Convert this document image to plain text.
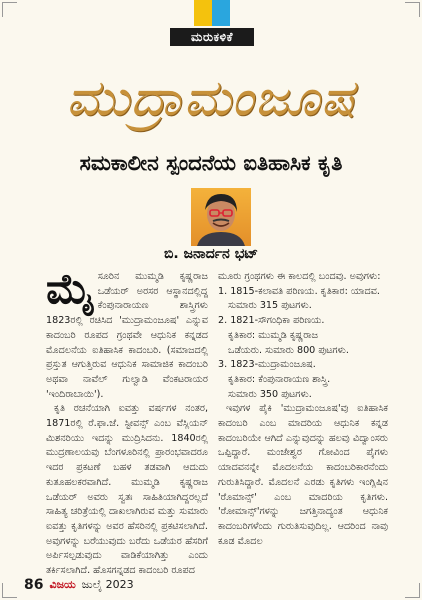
ಮರುಕಳಿಕೆ
ಮುದ್ರಾಮಂಜೂಷ
ಸಮಕಾಲೀನ ಸ್ಪಂದನೆಯ ಐತಿಹಾಸಿಕ ಕೃತಿ
ಬಿ. ಜನಾರ್ದನ ಭಟ್
ಮೈ ಸೂರಿನ ಮುಮ್ಮಡಿ ಕೃಷ್ಣರಾಜ ಒಡೆಯರ್ ಅರಸರ ಆಸ್ಥಾನದಲ್ಲಿದ್ದ ಕೆಂಪುನಾರಾಯಣ ಶಾಸ್ತ್ರಿಗಳು 1823ರಲ್ಲಿ ರಚಿಸಿದ 'ಮುದ್ರಾಮಂಜೂಷ' ಎನ್ನುವ ಕಾದಂಬರಿ ರೂಪದ ಗ್ರಂಥವೇ ಆಧುನಿಕ ಕನ್ನಡದ ಮೊದಲನೆಯ ಐತಿಹಾಸಿಕ ಕಾದಂಬರಿ. (ಸಮಾಜದಲ್ಲಿ ಪ್ರಸ್ತುತ ಆಗುತ್ತಿರುವ ಆಧುನಿಕ ಸಾಮಾಜಿಕ ಕಾದಂಬರಿ ಅಥವಾ ನಾವೆಲ್ ಗುಲ್ವಾಡಿ ವೆಂಕಟರಾಯರ 'ಇಂದಿರಾಬಾಯಿ').

ಕೃತಿ ರಚನೆಯಾಗಿ ಐವತ್ತು ವರ್ಷಗಳ ನಂತರ, 1871ರಲ್ಲಿ ರೆ.ಫಾ.ಜೆ. ಸ್ಟೀವನ್ಸ್ ಎಂಬ ವೆಸ್ಲಿಯನ್ ಮಿಶನರಿಯು ಇದನ್ನು ಮುದ್ರಿಸಿದನು. 1840ರಲ್ಲಿ ಮುದ್ರಣಾಲಯವು ಬೆಂಗಳೂರಿನಲ್ಲಿ ಪ್ರಾರಂಭವಾದರೂ ಇದರ ಪ್ರಕಟಣೆ ಬಹಳ ತಡವಾಗಿ ಆದುದು ಕುತೂಹಲಕರವಾಗಿದೆ. ಮುಮ್ಮಡಿ ಕೃಷ್ಣರಾಜ ಒಡೆಯರ್ ಅವರು ಸ್ವತಃ ಸಾಹಿತಿಯಾಗಿದ್ದರಲ್ಲದೆ ಸಾಹಿತ್ಯ ಚರಿತ್ರೆಯಲ್ಲಿ ದಾಖಲಾಗಿರುವ ಮತ್ತು ಸುಮಾರು ಐವತ್ತು ಕೃತಿಗಳನ್ನು ಅವರ ಹೆಸರಿನಲ್ಲಿ ಪ್ರಕಟಿಸಲಾಗಿದೆ. ಅವುಗಳನ್ನು ಬರೆಯುವುದು ಬರೆದು ಒಡೆಯರ ಹೆಸರಿಗೆ ಅರ್ಪಿಸಲ್ಪಡುವುದು ವಾಡಿಕೆಯಾಗಿತ್ತು ಎಂದು ತರ್ಕಿಸಲಾಗಿದೆ. ಹೊಸಗನ್ನಡದ ಕಾದಂಬರಿ ರೂಪದ

ಮೂರು ಗ್ರಂಥಗಳು ಈ ಕಾಲದಲ್ಲಿ ಬಂದವು. ಅವುಗಳು:

1. 1815-ಕಲಾವತಿ ಪರಿಣಯ. ಕೃತಿಕಾರ: ಯಾದವ.
ಸುಮಾರು 315 ಪುಟಗಳು.
2. 1821-ಸೌಗಂಧಿಕಾ ಪರಿಣಯ.
ಕೃತಿಕಾರ: ಮುಮ್ಮಡಿ ಕೃಷ್ಣರಾಜ
ಒಡೆಯರು. ಸುಮಾರು 800 ಪುಟಗಳು.
3. 1823-ಮುದ್ರಾಮಂಜೂಷ.
ಕೃತಿಕಾರ: ಕೆಂಪುನಾರಾಯಣ ಶಾಸ್ತ್ರಿ.
ಸುಮಾರು 350 ಪುಟಗಳು.

ಇವುಗಳ ಪೈಕಿ 'ಮುದ್ರಾಮಂಜೂಷ'ವು ಐತಿಹಾಸಿಕ ಕಾದಂಬರಿ ಎಂಬ ಮಾದರಿಯ ಆಧುನಿಕ ಕನ್ನಡ ಕಾದಂಬರಿಯೇ ಆಗಿದೆ ಎನ್ನುವುದನ್ನು ಹಲವು ವಿದ್ವಾಂಸರು ಒಪ್ಪಿದ್ದಾರೆ. ಮಂಜೇಶ್ವರ ಗೋವಿಂದ ಪೈಗಳು ಯಾದವನನ್ನೇ ಮೊದಲನೆಯ ಕಾದಂಬರಿಕಾರನೆಂದು ಗುರುತಿಸಿದ್ದಾರೆ. ಮೊದಲನೆ ಎರಡು ಕೃತಿಗಳು ಇಂಗ್ಲಿಷಿನ 'ರೊಮಾನ್ಸ್' ಎಂಬ ಮಾದರಿಯ ಕೃತಿಗಳು. 'ರೋಮಾನ್ಸ್'ಗಳನ್ನು ಜಗತ್ತಿನಾದ್ಯಂತ ಆಧುನಿಕ ಕಾದಂಬರಿಗಳೆಂದು ಗುರುತಿಸುವುದಿಲ್ಲ. ಆದರಿಂದ ನಾವು ಕೂಡ ಮೊದಲ

86 ವಿಜಯ ಜುಲೈ 2023
